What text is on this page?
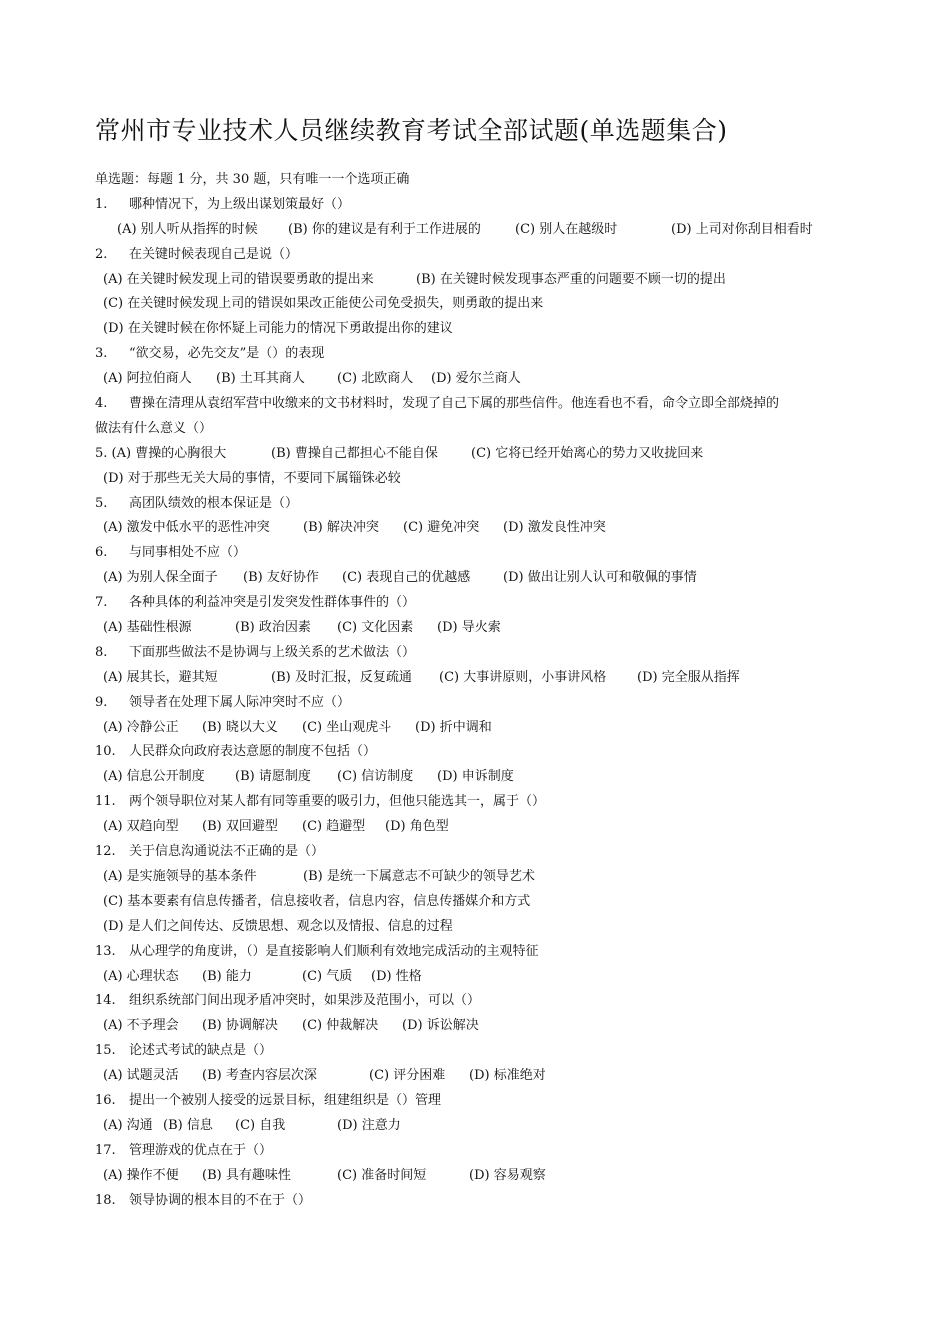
常州市专业技术人员继续教育考试全部试题(单选题集合)
单选题：每题 1 分，共 30 题，只有唯一一个选项正确
1. 哪种情况下，为上级出谋划策最好（）
(A) 别人听从指挥的时候 (B) 你的建议是有利于工作进展的	(C) 别人在越级时	(D) 上司对你刮目相看时
2. 在关键时候表现自己是说（）
(A) 在关键时候发现上司的错误要勇敢的提出来	(B) 在关键时候发现事态严重的问题要不顾一切的提出
(C) 在关键时候发现上司的错误如果改正能使公司免受损失，则勇敢的提出来
(D) 在关键时候在你怀疑上司能力的情况下勇敢提出你的建议
3. “欲交易，必先交友”是（）的表现
(A) 阿拉伯商人 (B) 土耳其商人 (C) 北欧商人 (D) 爱尔兰商人
4. 曹操在清理从袁绍军营中收缴来的文书材料时，发现了自己下属的那些信件。他连看也不看，命令立即全部烧掉的
做法有什么意义（）
5. (A) 曹操的心胸很大	(B) 曹操自己都担心不能自保	(C) 它将已经开始离心的势力又收拢回来
(D) 对于那些无关大局的事情，不要同下属锱铢必较
5. 高团队绩效的根本保证是（）
(A) 激发中低水平的恶性冲突	(B) 解决冲突 (C) 避免冲突 (D) 激发良性冲突
6. 与同事相处不应（）
(A) 为别人保全面子 (B) 友好协作 (C) 表现自己的优越感	(D) 做出让别人认可和敬佩的事情
7. 各种具体的利益冲突是引发突发性群体事件的（）
(A) 基础性根源	(B) 政治因素 (C) 文化因素 (D) 导火索
8. 下面那些做法不是协调与上级关系的艺术做法（）
(A) 展其长，避其短	(B) 及时汇报，反复疏通 (C) 大事讲原则，小事讲风格 (D) 完全服从指挥
9. 领导者在处理下属人际冲突时不应（）
(A) 冷静公正 (B) 晓以大义 (C) 坐山观虎斗 (D) 折中调和
10. 人民群众向政府表达意愿的制度不包括（）
(A) 信息公开制度 (B) 请愿制度 (C) 信访制度 (D) 申诉制度
11. 两个领导职位对某人都有同等重要的吸引力，但他只能选其一，属于（）
(A) 双趋向型 (B) 双回避型 (C) 趋避型 (D) 角色型
12. 关于信息沟通说法不正确的是（）
(A) 是实施领导的基本条件	(B) 是统一下属意志不可缺少的领导艺术
(C) 基本要素有信息传播者，信息接收者，信息内容，信息传播媒介和方式
(D) 是人们之间传达、反馈思想、观念以及情报、信息的过程
13. 从心理学的角度讲，（）是直接影响人们顺利有效地完成活动的主观特征
(A) 心理状态 (B) 能力	(C) 气质 (D) 性格
14. 组织系统部门间出现矛盾冲突时，如果涉及范围小，可以（）
(A) 不予理会 (B) 协调解决 (C) 仲裁解决 (D) 诉讼解决
15. 论述式考试的缺点是（）
(A) 试题灵活 (B) 考查内容层次深	(C) 评分困难 (D) 标准绝对
16. 提出一个被别人接受的远景目标，组建组织是（）管理
(A) 沟通 (B) 信息 (C) 自我	(D) 注意力
17. 管理游戏的优点在于（）
(A) 操作不便 (B) 具有趣味性	(C) 准备时间短	(D) 容易观察
18. 领导协调的根本目的不在于（）
